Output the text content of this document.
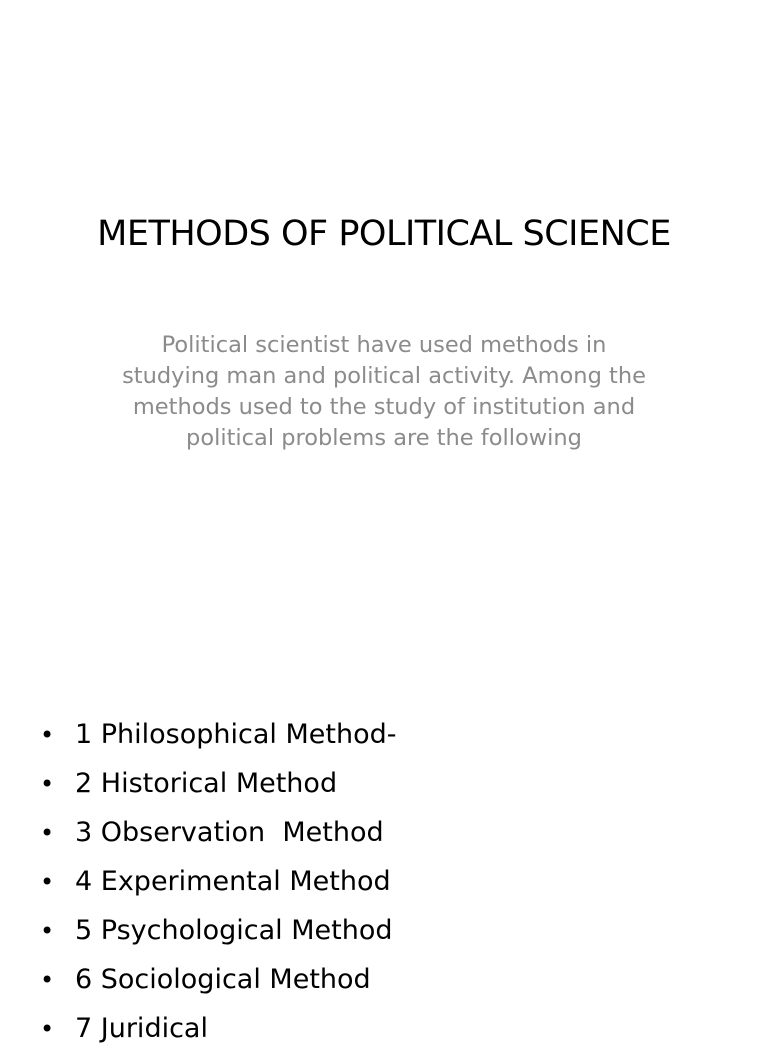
METHODS OF POLITICAL SCIENCE

Political scientist have used methods in studying man and political activity. Among the methods used to the study of institution and political problems are the following

• 1 Philosophical Method-
• 2 Historical Method
• 3 Observation  Method
• 4 Experimental Method
• 5 Psychological Method
• 6 Sociological Method
• 7 Juridical
